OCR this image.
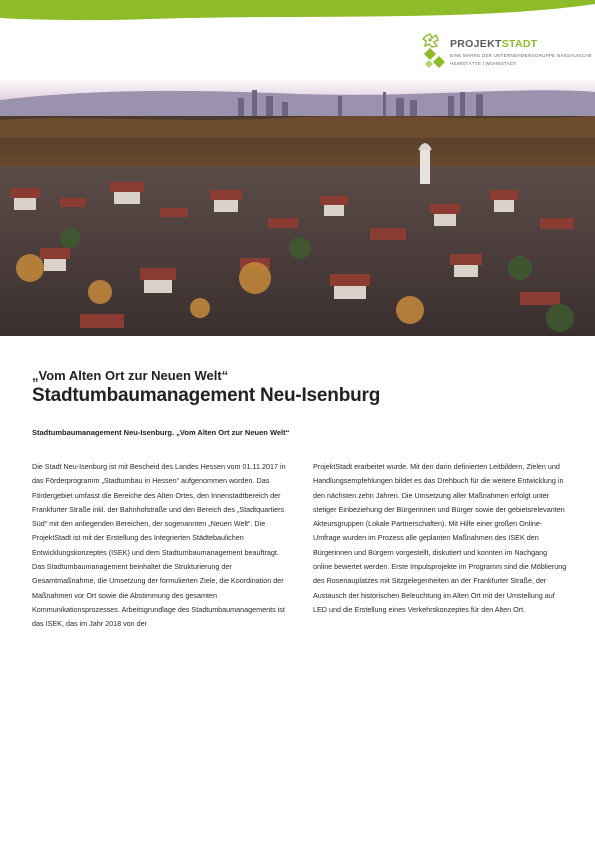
PROJEKTSTADT
EINE MARKE DER UNTERNEHMENSGRUPPE NASSAUISCHE HEIMSTÄTTE | WOHNSTADT
„Vom Alten Ort zur Neuen Welt“
Stadtumbaumanagement Neu-Isenburg
Stadtumbaumanagement Neu-Isenburg. „Vom Alten Ort zur Neuen Welt“
Die Stadt Neu-Isenburg ist mit Bescheid des Landes Hessen vom 01.11.2017 in das Förderprogramm „Stadtumbau in Hessen“ aufgenommen worden. Das Fördergebiet umfasst die Bereiche des Alten Ortes, den Innenstadtbereich der Frankfurter Straße inkl. der Bahnhofstraße und den Bereich des „Stadtquartiers Süd“ mit den anliegenden Bereichen, der sogenannten „Neuen Welt“. Die ProjektStadt ist mit der Erstellung des Integrierten Städtebaulichen Entwicklungskonzeptes (ISEK) und dem Stadtumbaumanagement beauftragt. Das Stadtumbaumanagement beinhaltet die Strukturierung der Gesamtmaßnahme, die Umsetzung der formulierten Ziele, die Koordination der Maßnahmen vor Ort sowie die Abstimmung des gesamten Kommunikationsprozesses. Arbeitsgrundlage des Stadtumbaumanagements ist das ISEK, das im Jahr 2018 von der
ProjektStadt erarbeitet wurde. Mit den darin definierten Leitbildern, Zielen und Handlungsempfehlungen bildet es das Drehbuch für die weitere Entwicklung in den nächsten zehn Jahren. Die Umsetzung aller Maßnahmen erfolgt unter stetiger Einbeziehung der Bürgerinnen und Bürger sowie der gebietsrelevanten Akteursgruppen (Lokale Partnerschaften). Mit Hilfe einer großen Online-Umfrage wurden im Prozess alle geplanten Maßnahmen des ISEK den Bürgerinnen und Bürgern vorgestellt, diskutiert und konnten im Nachgang online bewertet werden. Erste Impulsprojekte im Programm sind die Möblierung des Rosenauplatzes mit Sitzgelegenheiten an der Frankfurter Straße, der Austausch der historischen Beleuchtung im Alten Ort mit der Umstellung auf LED und die Erstellung eines Verkehrskonzeptes für den Alten Ort.
